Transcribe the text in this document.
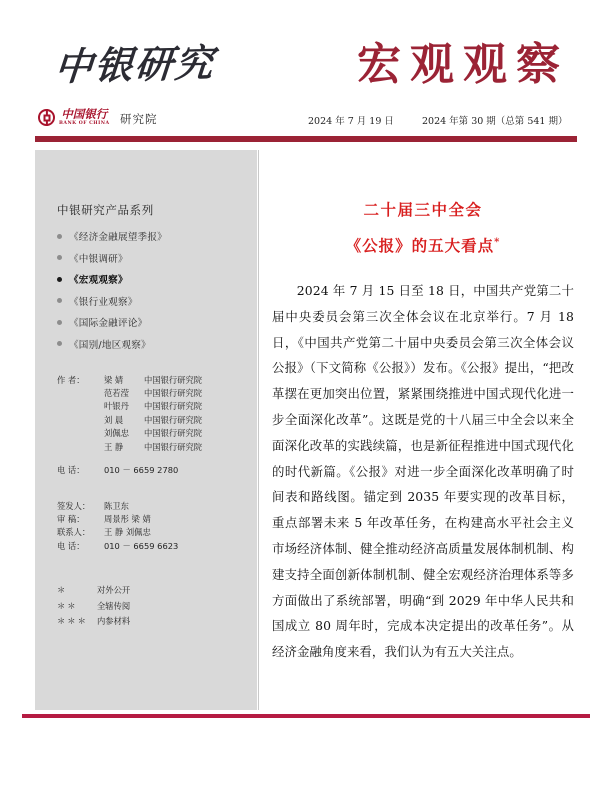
中银研究	宏观观察
中国银行
BANK OF CHINA 研究院	2024 年 7 月 19 日	2024 年第 30 期（总第 541 期）
中银研究产品系列
《经济金融展望季报》
《中银调研》
《宏观观察》
《银行业观察》
《国际金融评论》
《国别/地区观察》
作 者：	梁 婧	中国银行研究院
范若滢	中国银行研究院
叶银丹	中国银行研究院
刘 晨	中国银行研究院
刘佩忠	中国银行研究院
王 静	中国银行研究院
电 话：	010 － 6659 2780
签发人：	陈卫东
审 稿：	周景彤 梁 婧
联系人：	王 静 刘佩忠
电 话：	010 － 6659 6623
＊	对外公开
＊＊	全辖传阅
＊＊＊	内参材料
二十届三中全会
《公报》的五大看点*
2024 年 7 月 15 日至 18 日，中国共产党第二十届中央委员会第三次全体会议在北京举行。7 月 18 日，《中国共产党第二十届中央委员会第三次全体会议公报》（下文简称《公报》）发布。《公报》提出，“把改革摆在更加突出位置，紧紧围绕推进中国式现代化进一步全面深化改革”。这既是党的十八届三中全会以来全面深化改革的实践续篇，也是新征程推进中国式现代化的时代新篇。《公报》对进一步全面深化改革明确了时间表和路线图。锚定到 2035 年要实现的改革目标，重点部署未来 5 年改革任务，在构建高水平社会主义市场经济体制、健全推动经济高质量发展体制机制、构建支持全面创新体制机制、健全宏观经济治理体系等多方面做出了系统部署，明确“到 2029 年中华人民共和国成立 80 周年时，完成本决定提出的改革任务”。从经济金融角度来看，我们认为有五大关注点。
